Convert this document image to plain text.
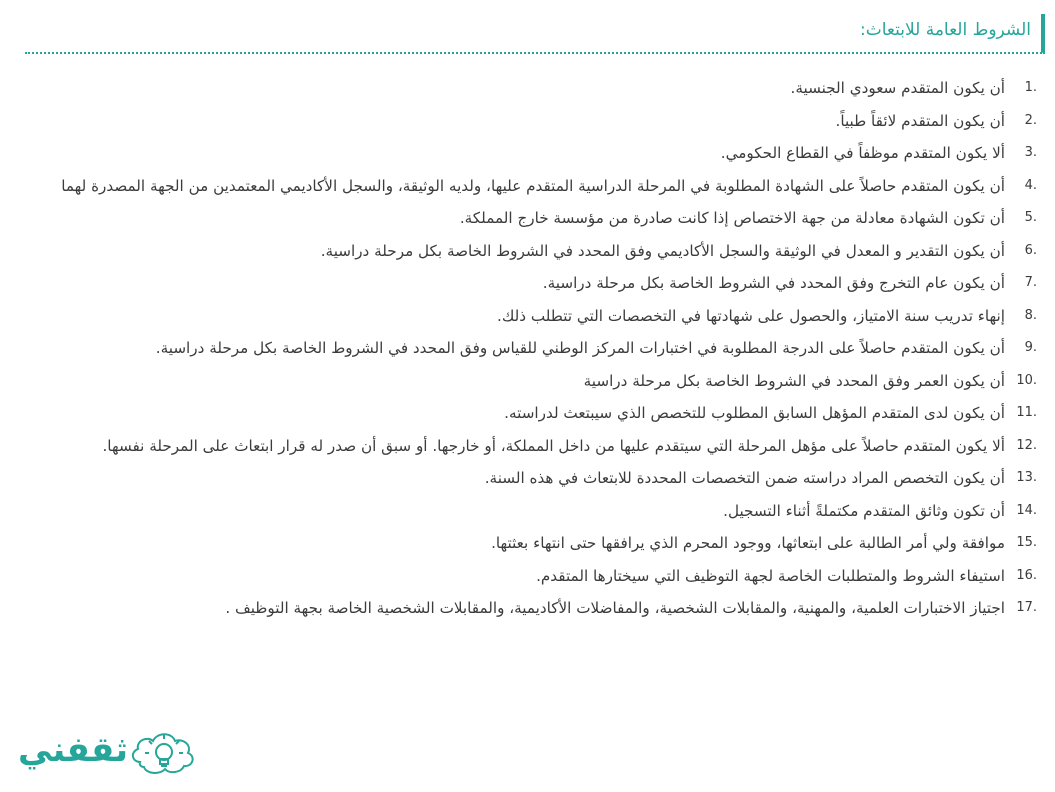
الشروط العامة للابتعاث:
1.
أن يكون المتقدم سعودي الجنسية.
2.
أن يكون المتقدم لائقاً طبياً.
3.
ألا يكون المتقدم موظفاً في القطاع الحكومي.
4.
أن يكون المتقدم حاصلاً على الشهادة المطلوبة في المرحلة الدراسية المتقدم عليها، ولديه الوثيقة، والسجل الأكاديمي المعتمدين من الجهة المصدرة لهما
5.
أن تكون الشهادة معادلة من جهة الاختصاص إذا كانت صادرة من مؤسسة خارج المملكة.
6.
أن يكون التقدير و المعدل في الوثيقة والسجل الأكاديمي وفق المحدد في الشروط الخاصة بكل مرحلة دراسية.
7.
أن يكون عام التخرج وفق المحدد في الشروط الخاصة بكل مرحلة دراسية.
8.
إنهاء تدريب سنة الامتياز، والحصول على شهادتها في التخصصات التي تتطلب ذلك.
9.
أن يكون المتقدم حاصلاً على الدرجة المطلوبة في اختبارات المركز الوطني للقياس وفق المحدد في الشروط الخاصة بكل مرحلة دراسية.
10.
أن يكون العمر وفق المحدد في الشروط الخاصة بكل مرحلة دراسية
11.
أن يكون لدى المتقدم المؤهل السابق المطلوب للتخصص الذي سيبتعث لدراسته.
12.
ألا يكون المتقدم حاصلاً على مؤهل المرحلة التي سيتقدم عليها من داخل المملكة، أو خارجها. أو سبق أن صدر له قرار ابتعاث على المرحلة نفسها.
13.
أن يكون التخصص المراد دراسته ضمن التخصصات المحددة للابتعاث في هذه السنة.
14.
أن تكون وثائق المتقدم مكتملةً أثناء التسجيل.
15.
موافقة ولي أمر الطالبة على ابتعاثها، ووجود المحرم الذي يرافقها حتى انتهاء بعثتها.
16.
استيفاء الشروط والمتطلبات الخاصة لجهة التوظيف التي سيختارها المتقدم.
17.
اجتياز الاختبارات العلمية، والمهنية، والمقابلات الشخصية، والمفاضلات الأكاديمية، والمقابلات الشخصية الخاصة بجهة التوظيف .
ثقفني
